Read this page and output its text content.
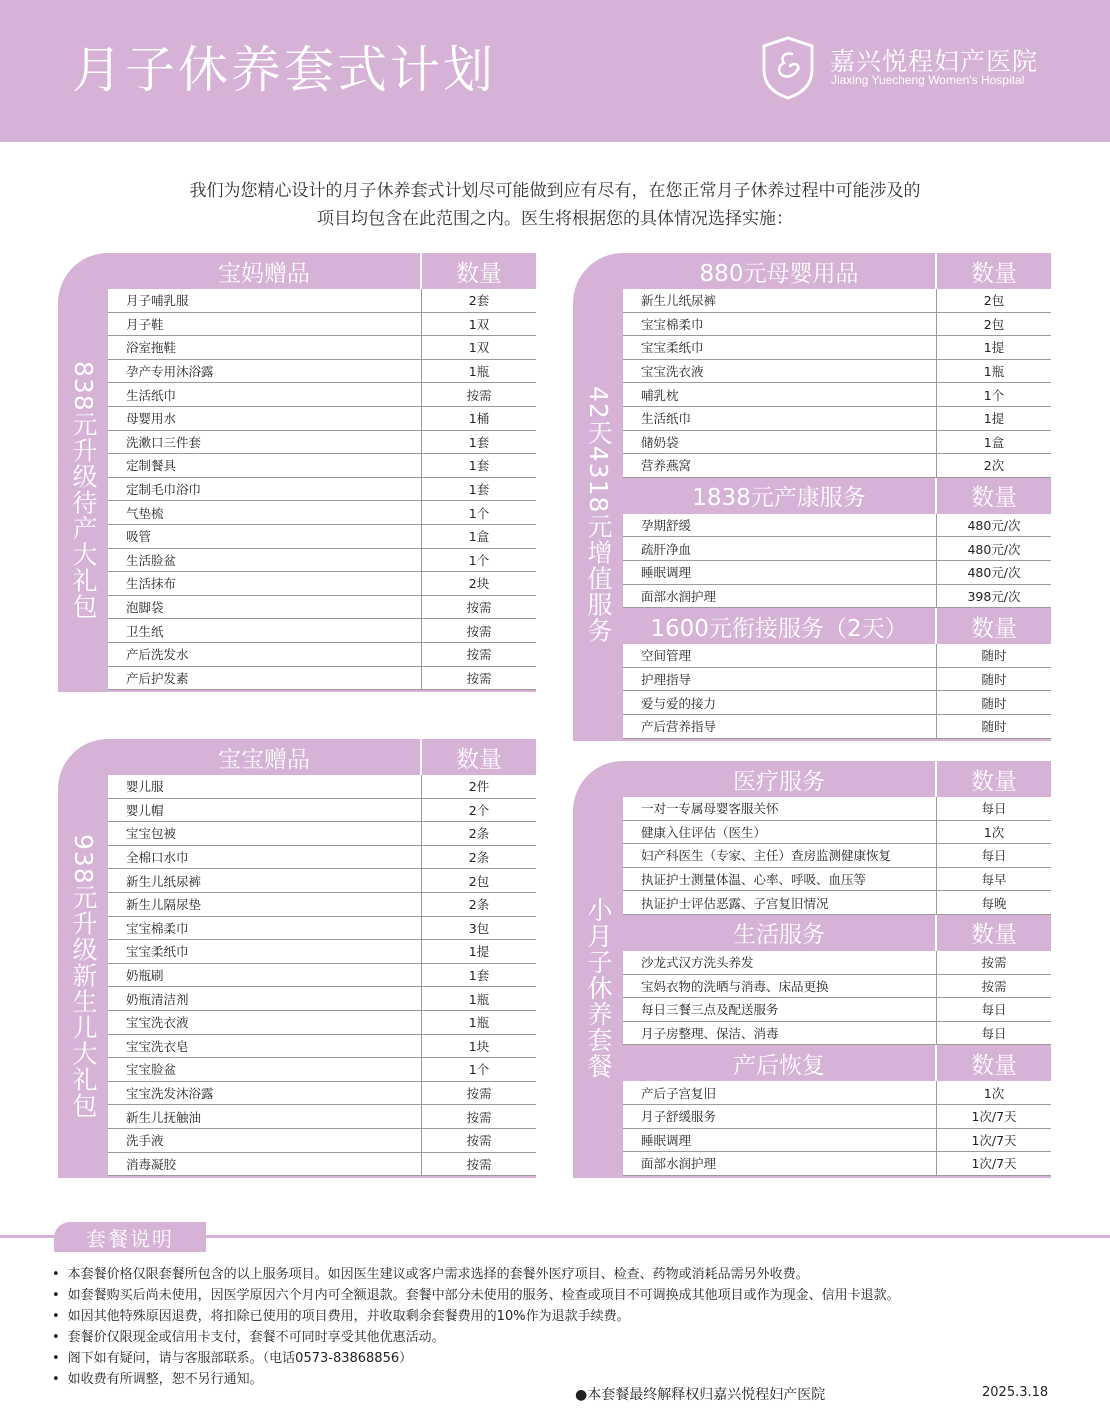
月子休养套式计划	嘉兴悦程妇产医院
Jiaxing Yuecheng Women's Hospital
我们为您精心设计的月子休养套式计划尽可能做到应有尽有，在您正常月子休养过程中可能涉及的
项目均包含在此范围之内。医生将根据您的具体情况选择实施：
838元升级待产大礼包
宝妈赠品	数量
月子哺乳服	2套
月子鞋	1双
浴室拖鞋	1双
孕产专用沐浴露	1瓶
生活纸巾	按需
母婴用水	1桶
洗漱口三件套	1套
定制餐具	1套
定制毛巾浴巾	1套
气垫梳	1个
吸管	1盒
生活脸盆	1个
生活抹布	2块
泡脚袋	按需
卫生纸	按需
产后洗发水	按需
产后护发素	按需
938元升级新生儿大礼包
宝宝赠品	数量
婴儿服	2件
婴儿帽	2个
宝宝包被	2条
全棉口水巾	2条
新生儿纸尿裤	2包
新生儿隔尿垫	2条
宝宝棉柔巾	3包
宝宝柔纸巾	1提
奶瓶刷	1套
奶瓶清洁剂	1瓶
宝宝洗衣液	1瓶
宝宝洗衣皂	1块
宝宝脸盆	1个
宝宝洗发沐浴露	按需
新生儿抚触油	按需
洗手液	按需
消毒凝胶	按需
42天4318元增值服务
880元母婴用品	数量
新生儿纸尿裤	2包
宝宝棉柔巾	2包
宝宝柔纸巾	1提
宝宝洗衣液	1瓶
哺乳枕	1个
生活纸巾	1提
储奶袋	1盒
营养燕窝	2次
1838元产康服务	数量
孕期舒缓	480元/次
疏肝净血	480元/次
睡眠调理	480元/次
面部水润护理	398元/次
1600元衔接服务（2天）	数量
空间管理	随时
护理指导	随时
爱与爱的接力	随时
产后营养指导	随时
小月子休养套餐
医疗服务	数量
一对一专属母婴客服关怀	每日
健康入住评估（医生）	1次
妇产科医生（专家、主任）查房监测健康恢复	每日
执证护士测量体温、心率、呼吸、血压等	每早
执证护士评估恶露、子宫复旧情况	每晚
生活服务	数量
沙龙式汉方洗头养发	按需
宝妈衣物的洗晒与消毒、床品更换	按需
每日三餐三点及配送服务	每日
月子房整理、保洁、消毒	每日
产后恢复	数量
产后子宫复旧	1次
月子舒缓服务	1次/7天
睡眠调理	1次/7天
面部水润护理	1次/7天
套餐说明
• 本套餐价格仅限套餐所包含的以上服务项目。如因医生建议或客户需求选择的套餐外医疗项目、检查、药物或消耗品需另外收费。
• 如套餐购买后尚未使用，因医学原因六个月内可全额退款。套餐中部分未使用的服务、检查或项目不可调换成其他项目或作为现金、信用卡退款。
• 如因其他特殊原因退费，将扣除已使用的项目费用，并收取剩余套餐费用的10%作为退款手续费。
• 套餐价仅限现金或信用卡支付，套餐不可同时享受其他优惠活动。
• 阁下如有疑问，请与客服部联系。（电话0573-83868856）
• 如收费有所调整，恕不另行通知。
●本套餐最终解释权归嘉兴悦程妇产医院	2025.3.18
